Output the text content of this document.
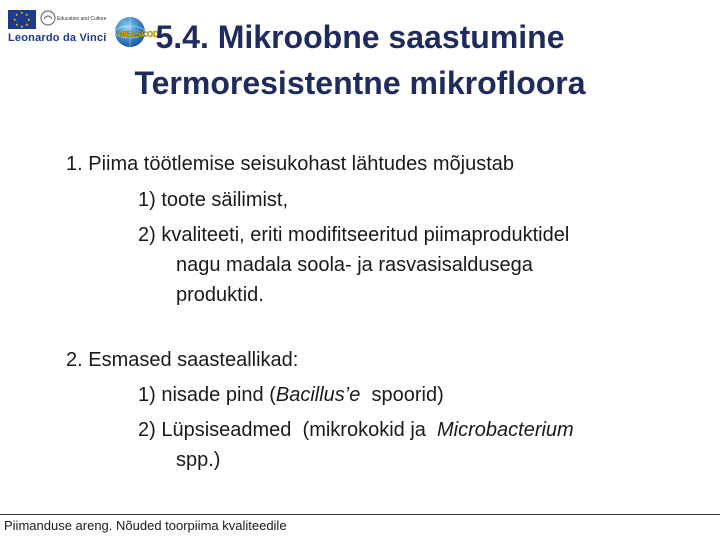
★ ★
★
★
★
★
★
★
Education and Culture
Leonardo da Vinci WELSCOD
5.4. Mikroobne saastumine
Termoresistentne mikrofloora
1. Piima töötlemise seisukohast lähtudes mõjustab
1) toote säilimist,
2) kvaliteeti, eriti modifitseeritud piimaproduktidel
nagu madala soola- ja rasvasisaldusega
produktid.
2. Esmased saasteallikad:
1) nisade pind (Bacillus’e  spoorid)
2) Lüpsiseadmed  (mikrokokid ja  Microbacterium
spp.)
Piimanduse areng. Nõuded toorpiima kvaliteedile
